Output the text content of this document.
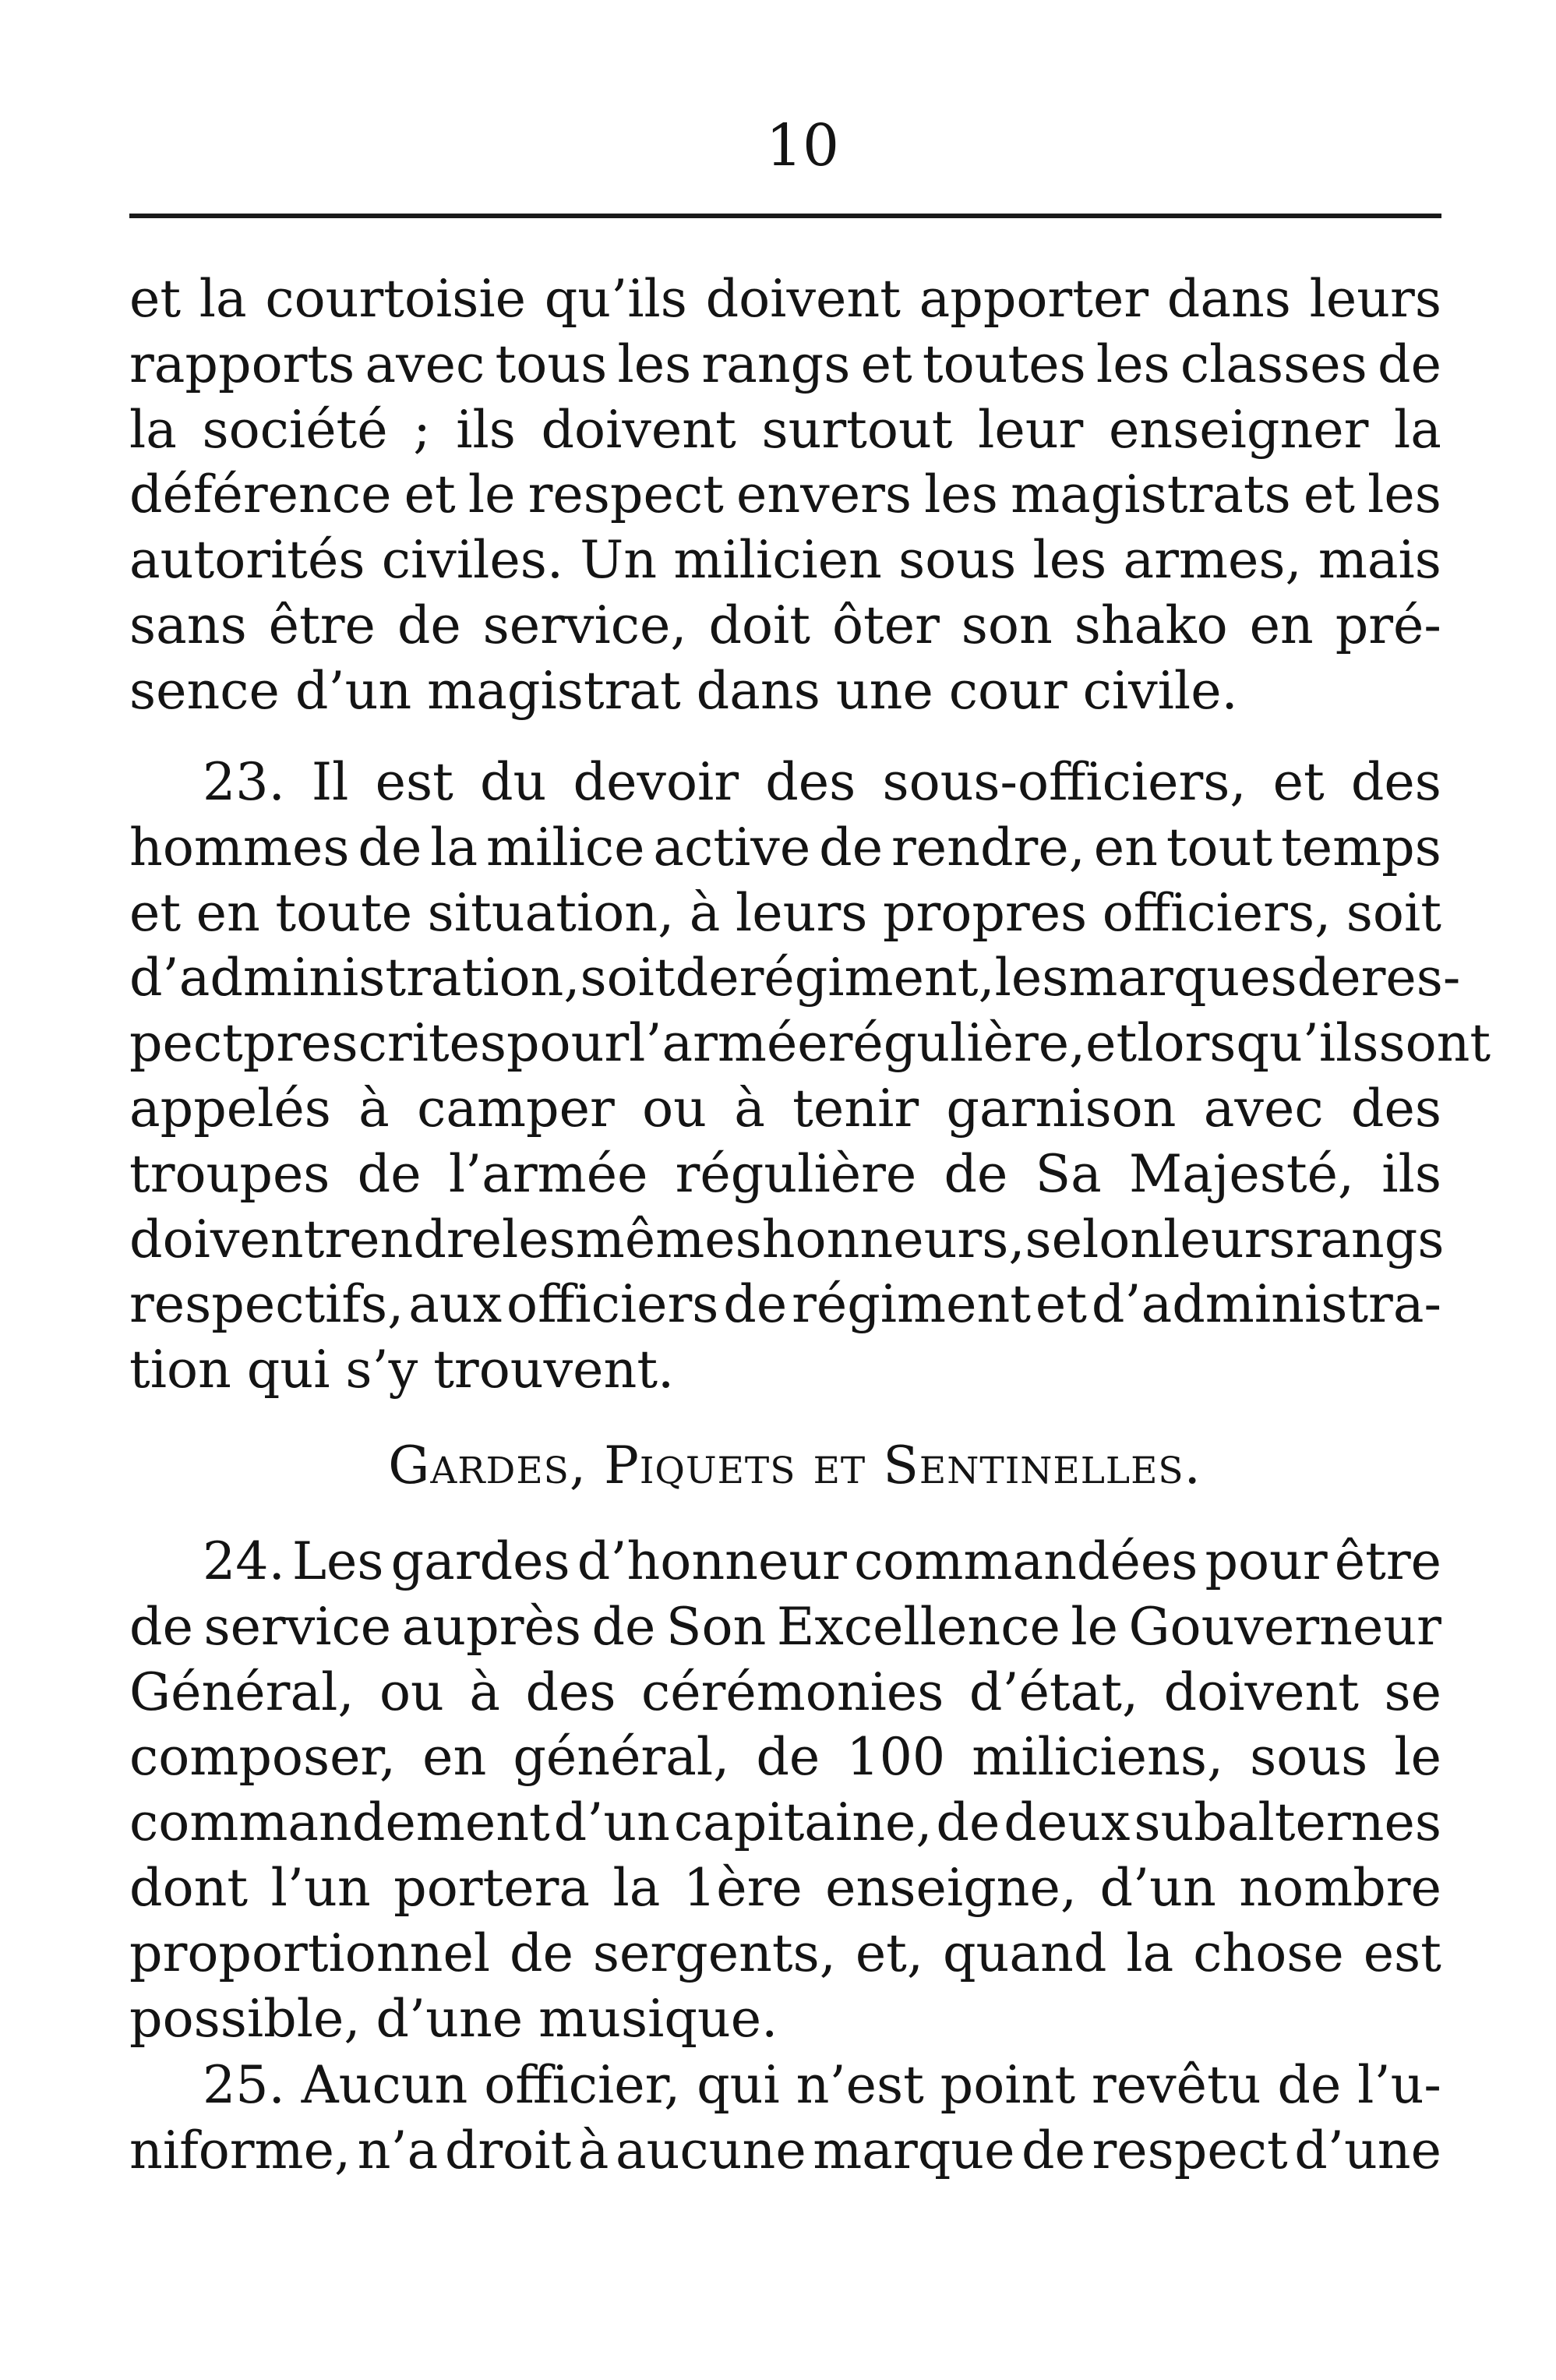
10
et la courtoisie qu’ils doivent apporter dans leurs
rapports avec tous les rangs et toutes les classes de
la société ; ils doivent surtout leur enseigner la
déférence et le respect envers les magistrats et les
autorités civiles. Un milicien sous les armes, mais
sans être de service, doit ôter son shako en pré-
sence d’un magistrat dans une cour civile.
23. Il est du devoir des sous-officiers, et des
hommes de la milice active de rendre, en tout temps
et en toute situation, à leurs propres officiers, soit
d’administration, soit de régiment, les marques de res-
pect prescrites pour l’armée régulière, et lorsqu’ils sont
appelés à camper ou à tenir garnison avec des
troupes de l’armée régulière de Sa Majesté, ils
doivent rendre les mêmes honneurs, selon leurs rangs
respectifs, aux officiers de régiment et d’administra-
tion qui s’y trouvent.
Gardes, Piquets et Sentinelles.
24. Les gardes d’honneur commandées pour être
de service auprès de Son Excellence le Gouverneur
Général, ou à des cérémonies d’état, doivent se
composer, en général, de 100 miliciens, sous le
commandement d’un capitaine, de deux subalternes
dont l’un portera la 1ère enseigne, d’un nombre
proportionnel de sergents, et, quand la chose est
possible, d’une musique.
25. Aucun officier, qui n’est point revêtu de l’u-
niforme, n’a droit à aucune marque de respect d’une
